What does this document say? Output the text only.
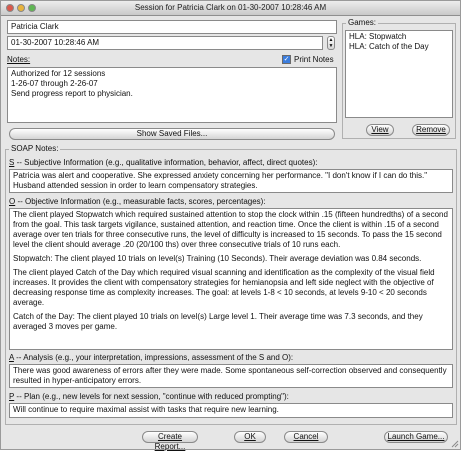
Session for Patricia Clark on 01-30-2007 10:28:46 AM
Patricia Clark
01-30-2007 10:28:46 AM	▲
▼
Notes:	✓ Print Notes
Authorized for 12 sessions
1-26-07 through 2-26-07
Send progress report to physician.
Show Saved Files...
Games:
HLA: Stopwatch
HLA: Catch of the Day
View	Remove
SOAP Notes:
S -- Subjective Information (e.g., qualitative information, behavior, affect, direct quotes):
Patricia was alert and cooperative. She expressed anxiety concerning her performance. "I don't know if I can do this." Husband attended session in order to learn compensatory strategies.
O -- Objective Information (e.g., measurable facts, scores, percentages):

The client played Stopwatch which required sustained attention to stop the clock within .15 (fifteen hundredths) of a second from the goal. This task targets vigilance, sustained attention, and reaction time. Once the client is within .15 of a second average over ten trials for three consecutive runs, the level of difficulty is increased to 15 seconds. To pass the 15 second level the client should average .20 (20/100 ths) over three consecutive trials of 10 runs each.

Stopwatch: The client played 10 trials on level(s) Training (10 Seconds). Their average deviation was 0.84 seconds.

The client played Catch of the Day which required visual scanning and identification as the complexity of the visual field increases. It provides the client with compensatory strategies for hemianopsia and left side neglect with the objective of decreasing response time as complexity increases. The goal: at levels 1-8 < 10 seconds, at levels 9-10 < 20 seconds average.

Catch of the Day: The client played 10 trials on level(s) Large level 1. Their average time was 7.3 seconds, and they averaged 3 moves per game.

A -- Analysis (e.g., your interpretation, impressions, assessment of the S and O):
There was good awareness of errors after they were made. Some spontaneous self-correction observed and consequently resulted in hyper-anticipatory errors.
P -- Plan (e.g., new levels for next session, "continue with reduced prompting"):
Will continue to require maximal assist with tasks that require new learning.
Create Report...
OK	Cancel	Launch Game...
